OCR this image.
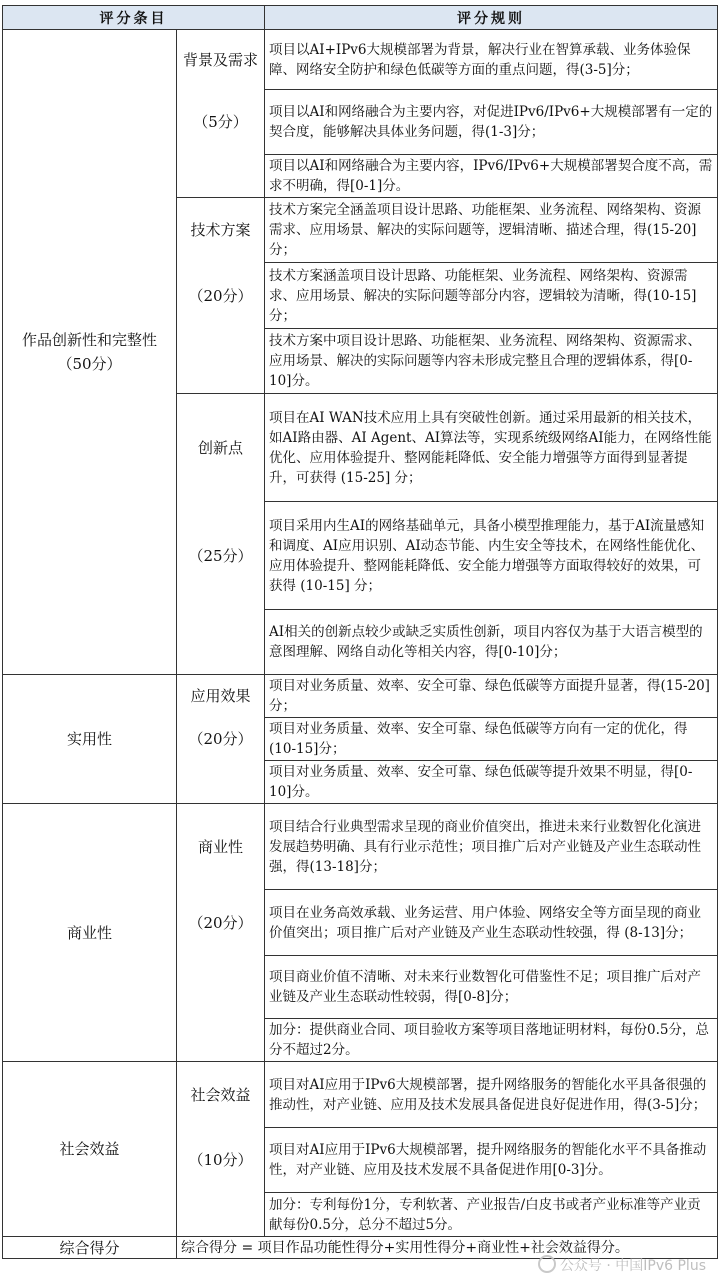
评分条目		评分规则

作品创新性和完整性
（50分）	背景及需求	项目以AI+IPv6大规模部署为背景，解决行业在智算承载、业务体验保障、网络安全防护和绿色低碳等方面的重点问题，得(3-5]分；
	（5分）	项目以AI和网络融合为主要内容，对促进IPv6/IPv6+大规模部署有一定的契合度，能够解决具体业务问题，得(1-3]分；
		项目以AI和网络融合为主要内容，IPv6/IPv6+大规模部署契合度不高，需求不明确，得[0-1]分。
	技术方案	技术方案完全涵盖项目设计思路、功能框架、业务流程、网络架构、资源需求、应用场景、解决的实际问题等，逻辑清晰、描述合理，得(15-20]分；
	（20分）	技术方案涵盖项目设计思路、功能框架、业务流程、网络架构、资源需求、应用场景、解决的实际问题等部分内容，逻辑较为清晰，得(10-15]分；
		技术方案中项目设计思路、功能框架、业务流程、网络架构、资源需求、应用场景、解决的实际问题等内容未形成完整且合理的逻辑体系，得[0-10]分。
	创新点	项目在AI WAN技术应用上具有突破性创新。通过采用最新的相关技术，如AI路由器、AI Agent、AI算法等，实现系统级网络AI能力，在网络性能优化、应用体验提升、整网能耗降低、安全能力增强等方面得到显著提升，可获得 (15-25] 分；
	（25分）	项目采用内生AI的网络基础单元，具备小模型推理能力，基于AI流量感知和调度、AI应用识别、AI动态节能、内生安全等技术，在网络性能优化、应用体验提升、整网能耗降低、安全能力增强等方面取得较好的效果，可获得 (10-15] 分；
		AI相关的创新点较少或缺乏实质性创新，项目内容仅为基于大语言模型的意图理解、网络自动化等相关内容，得[0-10]分；

实用性	应用效果	项目对业务质量、效率、安全可靠、绿色低碳等方面提升显著，得(15-20]分；
	（20分）	项目对业务质量、效率、安全可靠、绿色低碳等方向有一定的优化，得(10-15]分；
		项目对业务质量、效率、安全可靠、绿色低碳等提升效果不明显，得[0-10]分。

商业性	商业性	项目结合行业典型需求呈现的商业价值突出，推进未来行业数智化化演进发展趋势明确、具有行业示范性；项目推广后对产业链及产业生态联动性强，得(13-18]分；
	（20分）	项目在业务高效承载、业务运营、用户体验、网络安全等方面呈现的商业价值突出；项目推广后对产业链及产业生态联动性较强，得 (8-13]分；
		项目商业价值不清晰、对未来行业数智化可借鉴性不足；项目推广后对产业链及产业生态联动性较弱，得[0-8]分；
		加分：提供商业合同、项目验收方案等项目落地证明材料，每份0.5分，总分不超过2分。

社会效益	社会效益	项目对AI应用于IPv6大规模部署，提升网络服务的智能化水平具备很强的推动性，对产业链、应用及技术发展具备促进良好促进作用，得(3-5]分；
	（10分）	项目对AI应用于IPv6大规模部署，提升网络服务的智能化水平不具备推动性，对产业链、应用及技术发展不具备促进作用[0-3]分。
		加分：专利每份1分，专利软著、产业报告/白皮书或者产业标准等产业贡献每份0.5分，总分不超过5分。
综合得分	综合得分 = 项目作品功能性得分+实用性得分+商业性+社会效益得分。	
公众号 · 中国IPv6 Plus
